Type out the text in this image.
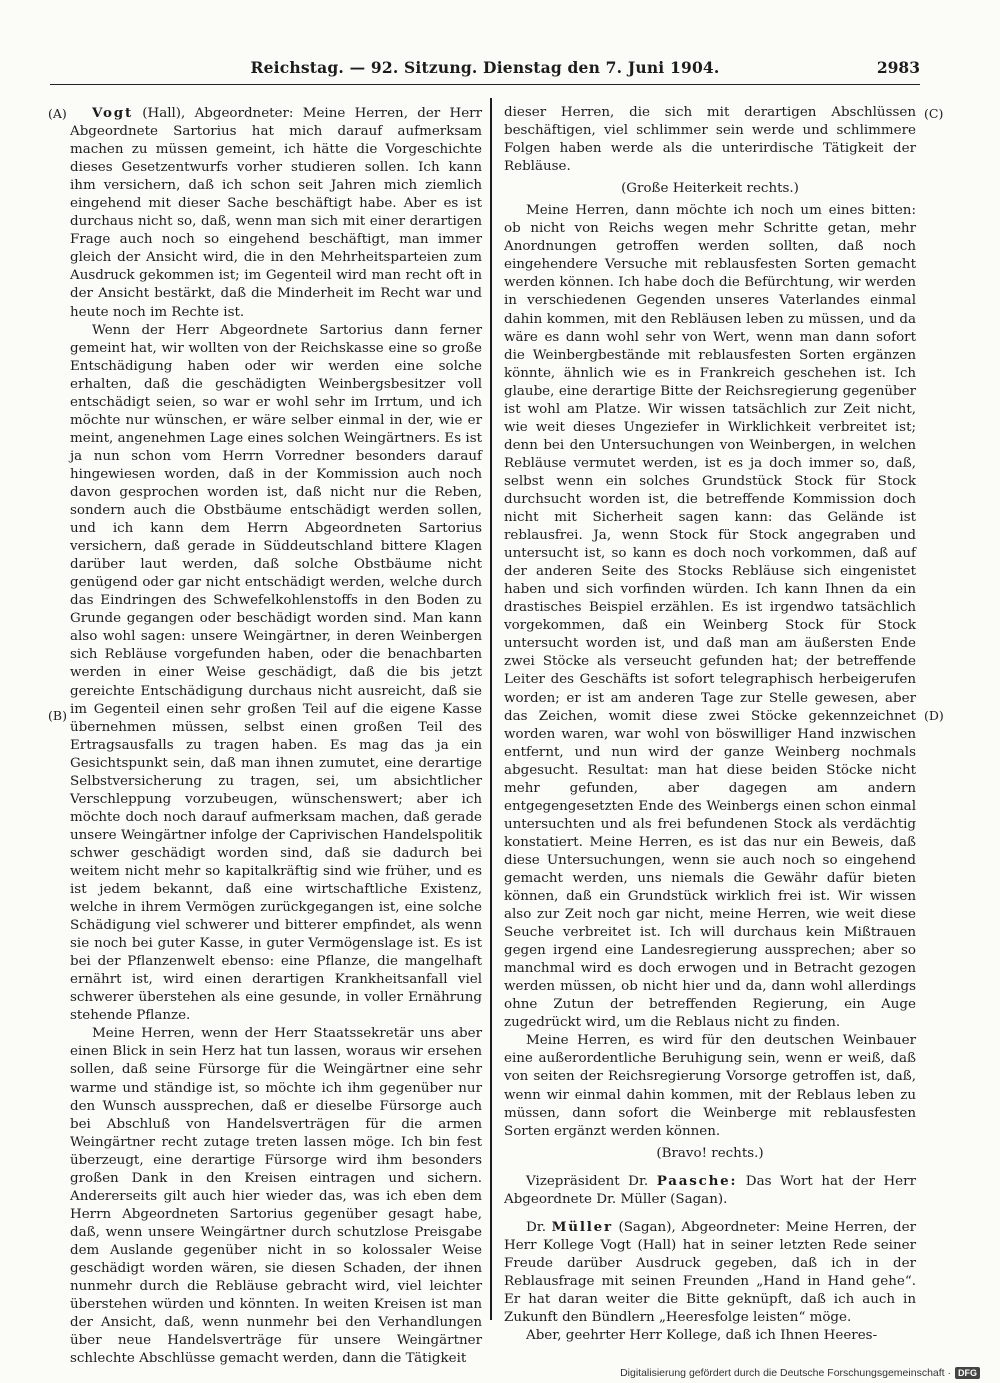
Reichstag. — 92. Sitzung. Dienstag den 7. Juni 1904.	2983
(A)
(B)
(C)
(D)

Vogt (Hall), Abgeordneter: Meine Herren, der Herr Abgeordnete Sartorius hat mich darauf aufmerksam machen zu müssen gemeint, ich hätte die Vorgeschichte dieses Gesetzentwurfs vorher studieren sollen. Ich kann ihm versichern, daß ich schon seit Jahren mich ziemlich eingehend mit dieser Sache beschäftigt habe. Aber es ist durchaus nicht so, daß, wenn man sich mit einer derartigen Frage auch noch so eingehend beschäftigt, man immer gleich der Ansicht wird, die in den Mehrheitsparteien zum Ausdruck gekommen ist; im Gegenteil wird man recht oft in der Ansicht bestärkt, daß die Minderheit im Recht war und heute noch im Rechte ist.

Wenn der Herr Abgeordnete Sartorius dann ferner gemeint hat, wir wollten von der Reichskasse eine so große Entschädigung haben oder wir werden eine solche erhalten, daß die geschädigten Weinbergsbesitzer voll entschädigt seien, so war er wohl sehr im Irrtum, und ich möchte nur wünschen, er wäre selber einmal in der, wie er meint, angenehmen Lage eines solchen Weingärtners. Es ist ja nun schon vom Herrn Vorredner besonders darauf hingewiesen worden, daß in der Kommission auch noch davon gesprochen worden ist, daß nicht nur die Reben, sondern auch die Obstbäume entschädigt werden sollen, und ich kann dem Herrn Abgeordneten Sartorius versichern, daß gerade in Süddeutschland bittere Klagen darüber laut werden, daß solche Obstbäume nicht genügend oder gar nicht entschädigt werden, welche durch das Eindringen des Schwefelkohlenstoffs in den Boden zu Grunde gegangen oder beschädigt worden sind. Man kann also wohl sagen: unsere Weingärtner, in deren Weinbergen sich Rebläuse vorgefunden haben, oder die benachbarten werden in einer Weise geschädigt, daß die bis jetzt gereichte Entschädigung durchaus nicht ausreicht, daß sie im Gegenteil einen sehr großen Teil auf die eigene Kasse übernehmen müssen, selbst einen großen Teil des Ertragsausfalls zu tragen haben. Es mag das ja ein Gesichtspunkt sein, daß man ihnen zumutet, eine derartige Selbstversicherung zu tragen, sei, um absichtlicher Verschleppung vorzubeugen, wünschenswert; aber ich möchte doch noch darauf aufmerksam machen, daß gerade unsere Weingärtner infolge der Caprivischen Handelspolitik schwer geschädigt worden sind, daß sie dadurch bei weitem nicht mehr so kapitalkräftig sind wie früher, und es ist jedem bekannt, daß eine wirtschaftliche Existenz, welche in ihrem Vermögen zurückgegangen ist, eine solche Schädigung viel schwerer und bitterer empfindet, als wenn sie noch bei guter Kasse, in guter Vermögenslage ist. Es ist bei der Pflanzenwelt ebenso: eine Pflanze, die mangelhaft ernährt ist, wird einen derartigen Krankheitsanfall viel schwerer überstehen als eine gesunde, in voller Ernährung stehende Pflanze.

Meine Herren, wenn der Herr Staatssekretär uns aber einen Blick in sein Herz hat tun lassen, woraus wir ersehen sollen, daß seine Fürsorge für die Weingärtner eine sehr warme und ständige ist, so möchte ich ihm gegenüber nur den Wunsch aussprechen, daß er dieselbe Fürsorge auch bei Abschluß von Handelsverträgen für die armen Weingärtner recht zutage treten lassen möge. Ich bin fest überzeugt, eine derartige Fürsorge wird ihm besonders großen Dank in den Kreisen eintragen und sichern. Andererseits gilt auch hier wieder das, was ich eben dem Herrn Abgeordneten Sartorius gegenüber gesagt habe, daß, wenn unsere Weingärtner durch schutzlose Preisgabe dem Auslande gegenüber nicht in so kolossaler Weise geschädigt worden wären, sie diesen Schaden, der ihnen nunmehr durch die Rebläuse gebracht wird, viel leichter überstehen würden und könnten. In weiten Kreisen ist man der Ansicht, daß, wenn nunmehr bei den Verhandlungen über neue Handelsverträge für unsere Weingärtner schlechte Abschlüsse gemacht werden, dann die Tätigkeit

dieser Herren, die sich mit derartigen Abschlüssen beschäftigen, viel schlimmer sein werde und schlimmere Folgen haben werde als die unterirdische Tätigkeit der Rebläuse.

(Große Heiterkeit rechts.)

Meine Herren, dann möchte ich noch um eines bitten: ob nicht von Reichs wegen mehr Schritte getan, mehr Anordnungen getroffen werden sollten, daß noch eingehendere Versuche mit reblausfesten Sorten gemacht werden können. Ich habe doch die Befürchtung, wir werden in verschiedenen Gegenden unseres Vaterlandes einmal dahin kommen, mit den Rebläusen leben zu müssen, und da wäre es dann wohl sehr von Wert, wenn man dann sofort die Weinbergbestände mit reblausfesten Sorten ergänzen könnte, ähnlich wie es in Frankreich geschehen ist. Ich glaube, eine derartige Bitte der Reichsregierung gegenüber ist wohl am Platze. Wir wissen tatsächlich zur Zeit nicht, wie weit dieses Ungeziefer in Wirklichkeit verbreitet ist; denn bei den Untersuchungen von Weinbergen, in welchen Rebläuse vermutet werden, ist es ja doch immer so, daß, selbst wenn ein solches Grundstück Stock für Stock durchsucht worden ist, die betreffende Kommission doch nicht mit Sicherheit sagen kann: das Gelände ist reblausfrei. Ja, wenn Stock für Stock angegraben und untersucht ist, so kann es doch noch vorkommen, daß auf der anderen Seite des Stocks Rebläuse sich eingenistet haben und sich vorfinden würden. Ich kann Ihnen da ein drastisches Beispiel erzählen. Es ist irgendwo tatsächlich vorgekommen, daß ein Weinberg Stock für Stock untersucht worden ist, und daß man am äußersten Ende zwei Stöcke als verseucht gefunden hat; der betreffende Leiter des Geschäfts ist sofort telegraphisch herbeigerufen worden; er ist am anderen Tage zur Stelle gewesen, aber das Zeichen, womit diese zwei Stöcke gekennzeichnet worden waren, war wohl von böswilliger Hand inzwischen entfernt, und nun wird der ganze Weinberg nochmals abgesucht. Resultat: man hat diese beiden Stöcke nicht mehr gefunden, aber dagegen am andern entgegengesetzten Ende des Weinbergs einen schon einmal untersuchten und als frei befundenen Stock als verdächtig konstatiert. Meine Herren, es ist das nur ein Beweis, daß diese Untersuchungen, wenn sie auch noch so eingehend gemacht werden, uns niemals die Gewähr dafür bieten können, daß ein Grundstück wirklich frei ist. Wir wissen also zur Zeit noch gar nicht, meine Herren, wie weit diese Seuche verbreitet ist. Ich will durchaus kein Mißtrauen gegen irgend eine Landesregierung aussprechen; aber so manchmal wird es doch erwogen und in Betracht gezogen werden müssen, ob nicht hier und da, dann wohl allerdings ohne Zutun der betreffenden Regierung, ein Auge zugedrückt wird, um die Reblaus nicht zu finden.

Meine Herren, es wird für den deutschen Weinbauer eine außerordentliche Beruhigung sein, wenn er weiß, daß von seiten der Reichsregierung Vorsorge getroffen ist, daß, wenn wir einmal dahin kommen, mit der Reblaus leben zu müssen, dann sofort die Weinberge mit reblausfesten Sorten ergänzt werden können.

(Bravo! rechts.)

Vizepräsident Dr. Paasche: Das Wort hat der Herr Abgeordnete Dr. Müller (Sagan).

Dr. Müller (Sagan), Abgeordneter: Meine Herren, der Herr Kollege Vogt (Hall) hat in seiner letzten Rede seiner Freude darüber Ausdruck gegeben, daß ich in der Reblausfrage mit seinen Freunden „Hand in Hand gehe“. Er hat daran weiter die Bitte geknüpft, daß ich auch in Zukunft den Bündlern „Heeresfolge leisten“ möge.

Aber, geehrter Herr Kollege, daß ich Ihnen Heeres-

Digitalisierung gefördert durch die Deutsche Forschungsgemeinschaft · DFG
